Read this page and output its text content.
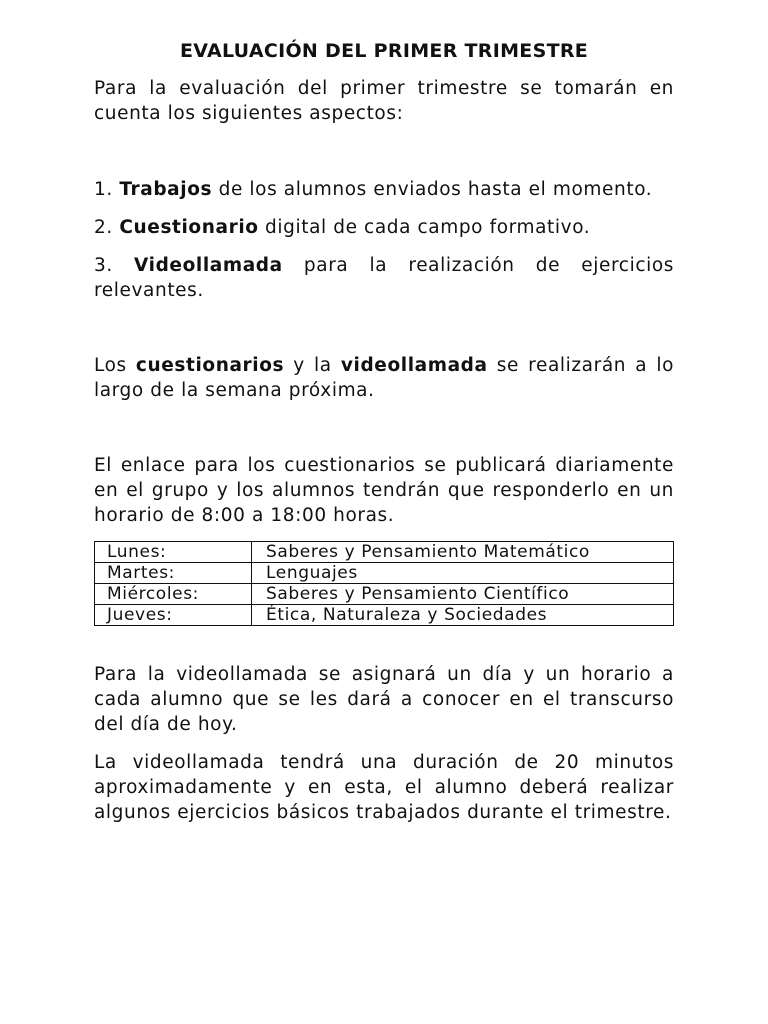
EVALUACIÓN DEL PRIMER TRIMESTRE

Para la evaluación del primer trimestre se tomarán en cuenta los siguientes aspectos:

1. Trabajos de los alumnos enviados hasta el momento.

2. Cuestionario digital de cada campo formativo.

3. Videollamada para la realización de ejercicios relevantes.

Los cuestionarios y la videollamada se realizarán a lo largo de la semana próxima.

El enlace para los cuestionarios se publicará diariamente en el grupo y los alumnos tendrán que responderlo en un horario de 8:00 a 18:00 horas.

Lunes:	Saberes y Pensamiento Matemático
Martes:	Lenguajes
Miércoles:	Saberes y Pensamiento Científico
Jueves:	Ética, Naturaleza y Sociedades

Para la videollamada se asignará un día y un horario a cada alumno que se les dará a conocer en el transcurso del día de hoy.

La videollamada tendrá una duración de 20 minutos aproximadamente y en esta, el alumno deberá realizar algunos ejercicios básicos trabajados durante el trimestre.
